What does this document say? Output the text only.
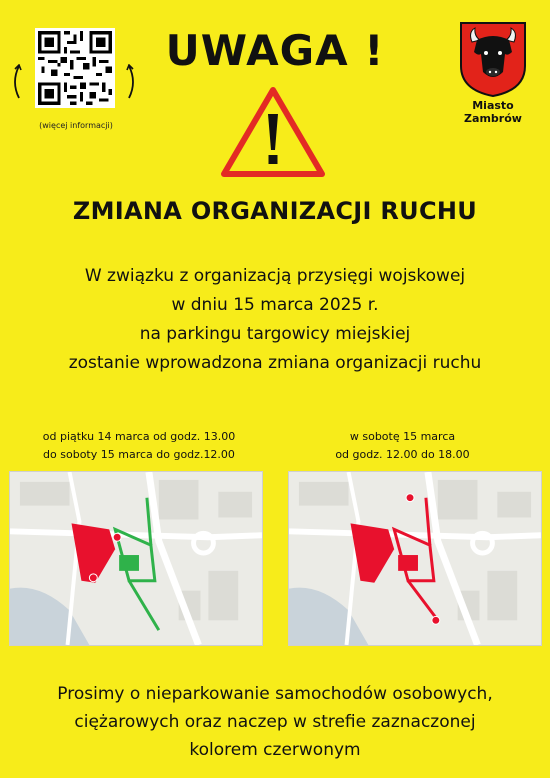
(więcej informacji)
UWAGA !
Miasto
Zambrów
ZMIANA ORGANIZACJI RUCHU
W związku z organizacją przysięgi wojskowej
w dniu 15 marca 2025 r.
na parkingu targowicy miejskiej
zostanie wprowadzona zmiana organizacji ruchu
od piątku 14 marca od godz. 13.00
do soboty 15 marca do godz.12.00
w sobotę 15 marca
od godz. 12.00 do 18.00
Prosimy o nieparkowanie samochodów osobowych,
ciężarowych oraz naczep w strefie zaznaczonej
kolorem czerwonym
